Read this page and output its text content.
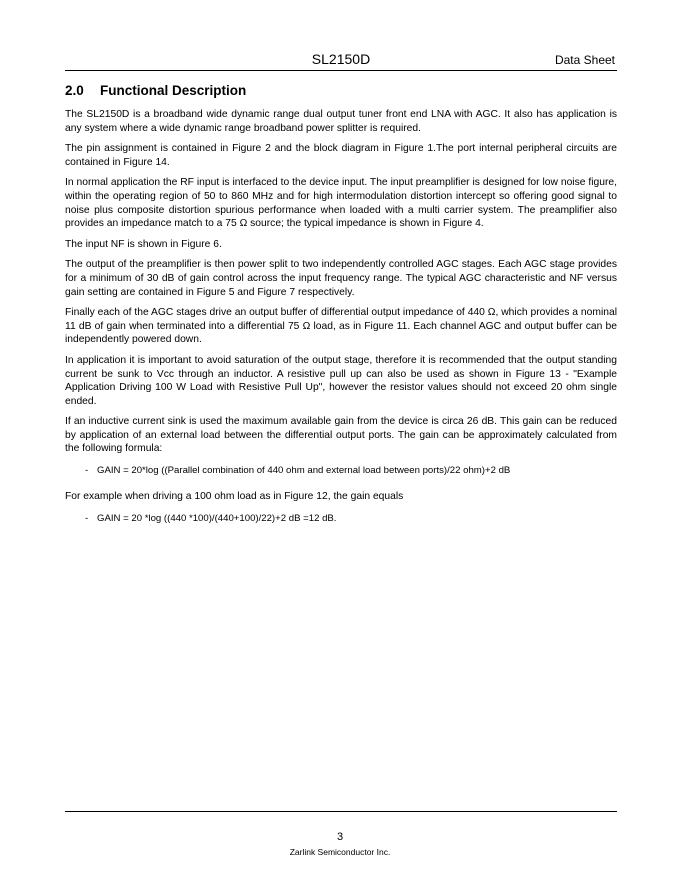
SL2150D	Data Sheet
2.0 Functional Description

The SL2150D is a broadband wide dynamic range dual output tuner front end LNA with AGC. It also has application is any system where a wide dynamic range broadband power splitter is required.

The pin assignment is contained in Figure 2 and the block diagram in Figure 1.The port internal peripheral circuits are contained in Figure 14.

In normal application the RF input is interfaced to the device input. The input preamplifier is designed for low noise figure, within the operating region of 50 to 860 MHz and for high intermodulation distortion intercept so offering good signal to noise plus composite distortion spurious performance when loaded with a multi carrier system. The preamplifier also provides an impedance match to a 75 Ω source; the typical impedance is shown in Figure 4.

The input NF is shown in Figure 6.

The output of the preamplifier is then power split to two independently controlled AGC stages. Each AGC stage provides for a minimum of 30 dB of gain control across the input frequency range. The typical AGC characteristic and NF versus gain setting are contained in Figure 5 and Figure 7 respectively.

Finally each of the AGC stages drive an output buffer of differential output impedance of 440 Ω, which provides a nominal 11 dB of gain when terminated into a differential 75 Ω load, as in Figure 11. Each channel AGC and output buffer can be independently powered down.

In application it is important to avoid saturation of the output stage, therefore it is recommended that the output standing current be sunk to Vcc through an inductor. A resistive pull up can also be used as shown in Figure 13 - "Example Application Driving 100 W Load with Resistive Pull Up", however the resistor values should not exceed 20 ohm single ended.

If an inductive current sink is used the maximum available gain from the device is circa 26 dB. This gain can be reduced by application of an external load between the differential output ports. The gain can be approximately calculated from the following formula:

- GAIN = 20*log ((Parallel combination of 440 ohm and external load between ports)/22 ohm)+2 dB

For example when driving a 100 ohm load as in Figure 12, the gain equals

- GAIN = 20 *log ((440 *100)/(440+100)/22)+2 dB =12 dB.
3
Zarlink Semiconductor Inc.
